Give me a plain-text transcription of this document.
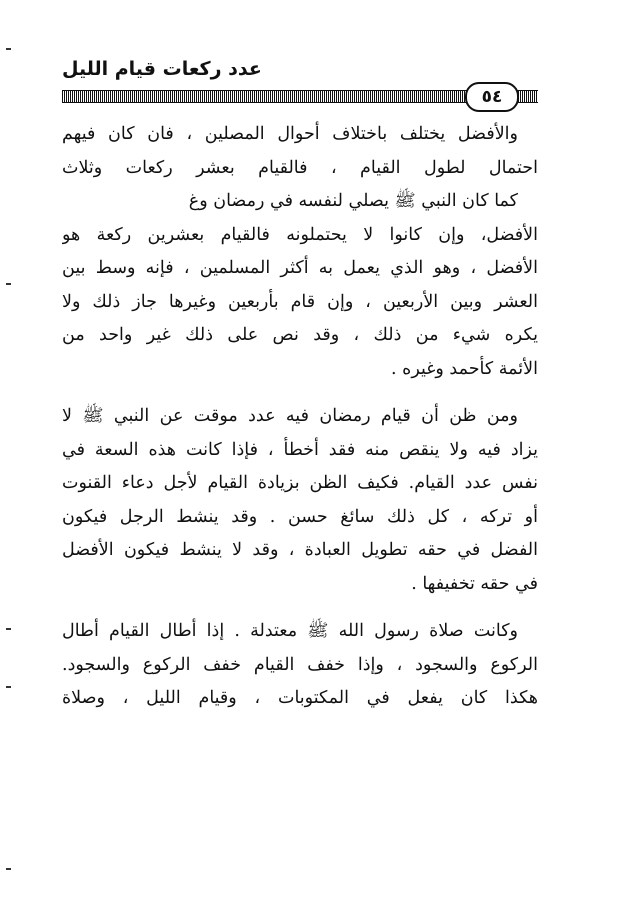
عدد ركعات قيام الليل
٥٤
والأفضل يختلف باختلاف أحوال المصلين ، فان كان فيهم
احتمال لطول القيام ، فالقيام بعشر ركعات وثلاث
كما كان النبي ﷺ يصلي لنفسه في رمضان وغ
الأفضل، وإن كانوا لا يحتملونه فالقيام بعشرين ركعة هو
الأفضل ، وهو الذي يعمل به أكثر المسلمين ، فإنه وسط بين
العشر وبين الأربعين ، وإن قام بأربعين وغيرها جاز ذلك ولا
يكره شيء من ذلك ، وقد نص على ذلك غير واحد من
الأئمة كأحمد وغيره .
ومن ظن أن قيام رمضان فيه عدد موقت عن النبي ﷺ لا
يزاد فيه ولا ينقص منه فقد أخطأ ، فإذا كانت هذه السعة في
نفس عدد القيام. فكيف الظن بزيادة القيام لأجل دعاء القنوت
أو تركه ، كل ذلك سائغ حسن . وقد ينشط الرجل فيكون
الفضل في حقه تطويل العبادة ، وقد لا ينشط فيكون الأفضل
في حقه تخفيفها .
وكانت صلاة رسول الله ﷺ معتدلة . إذا أطال القيام أطال
الركوع والسجود ، وإذا خفف القيام خفف الركوع والسجود.
هكذا كان يفعل في المكتوبات ، وقيام الليل ، وصلاة
